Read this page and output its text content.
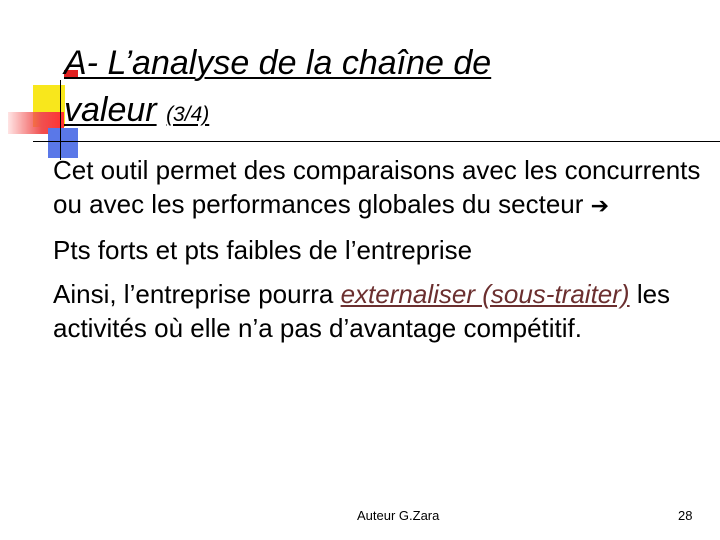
A- L’analyse de la chaîne de
valeur (3/4)

Cet outil permet des comparaisons avec les concurrents ou avec les performances globales du secteur ➔

Pts forts et pts faibles de l’entreprise

Ainsi, l’entreprise pourra externaliser (sous-traiter) les activités où elle n’a pas d’avantage compétitif.

Auteur G.Zara	28
